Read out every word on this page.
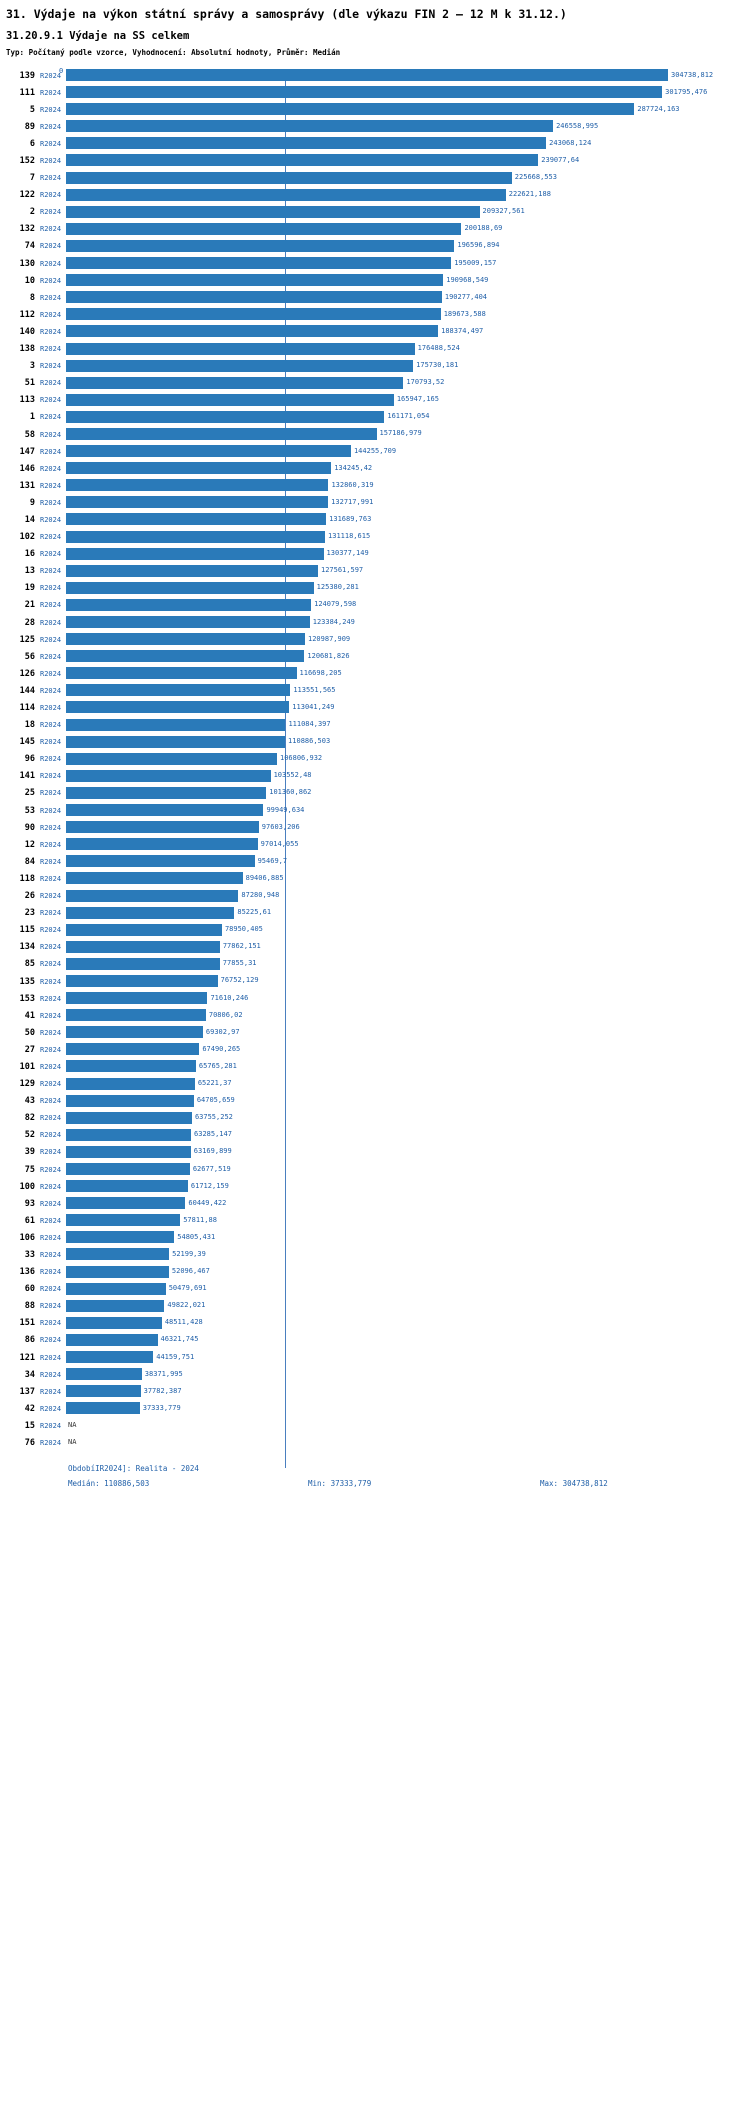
31. Výdaje na výkon státní správy a samosprávy (dle výkazu FIN 2 – 12 M k 31.12.)
31.20.9.1 Výdaje na SS celkem
Typ: Počítaný podle vzorce, Vyhodnocení: Absolutní hodnoty, Průměr: Medián
0
139 R2024	304738,812
111 R2024	301795,476
5 R2024	287724,163
89 R2024	246558,995
6 R2024	243068,124
152 R2024	239077,64
7 R2024	225668,553
122 R2024	222621,188
2 R2024	209327,561
132 R2024	200188,69
74 R2024	196596,894
130 R2024	195009,157
10 R2024	190968,549
8 R2024	190277,404
112 R2024	189673,588
140 R2024	188374,497
138 R2024	176488,524
3 R2024	175730,181
51 R2024	170793,52
113 R2024	165947,165
1 R2024	161171,054
58 R2024	157186,979
147 R2024	144255,709
146 R2024	134245,42
131 R2024	132860,319
9 R2024	132717,991
14 R2024	131689,763
102 R2024	131118,615
16 R2024	130377,149
13 R2024	127561,597
19 R2024	125380,281
21 R2024	124079,598
28 R2024	123384,249
125 R2024	120987,909
56 R2024	120681,826
126 R2024	116698,205
144 R2024	113551,565
114 R2024	113041,249
18 R2024	111084,397
145 R2024	110886,503
96 R2024	106806,932
141 R2024	103552,48
25 R2024	101360,862
53 R2024	99949,634
90 R2024	97603,206
12 R2024	97014,055
84 R2024	95469,7
118 R2024	89406,885
26 R2024	87280,948
23 R2024	85225,61
115 R2024	78950,405
134 R2024	77862,151
85 R2024	77855,31
135 R2024	76752,129
153 R2024	71610,246
41 R2024	70806,02
50 R2024	69302,97
27 R2024	67490,265
101 R2024	65765,281
129 R2024	65221,37
43 R2024	64705,659
82 R2024	63755,252
52 R2024	63285,147
39 R2024	63169,899
75 R2024	62677,519
100 R2024	61712,159
93 R2024	60449,422
61 R2024	57811,88
106 R2024	54805,431
33 R2024	52199,39
136 R2024	52096,467
60 R2024	50479,691
88 R2024	49822,021
151 R2024	48511,428
86 R2024	46321,745
121 R2024	44159,751
34 R2024	38371,995
137 R2024	37782,387
42 R2024	37333,779
15 R2024 NA
76 R2024 NA
ObdobíIR2024]: Realita - 2024
Medián: 110886,503	Min: 37333,779	Max: 304738,812
